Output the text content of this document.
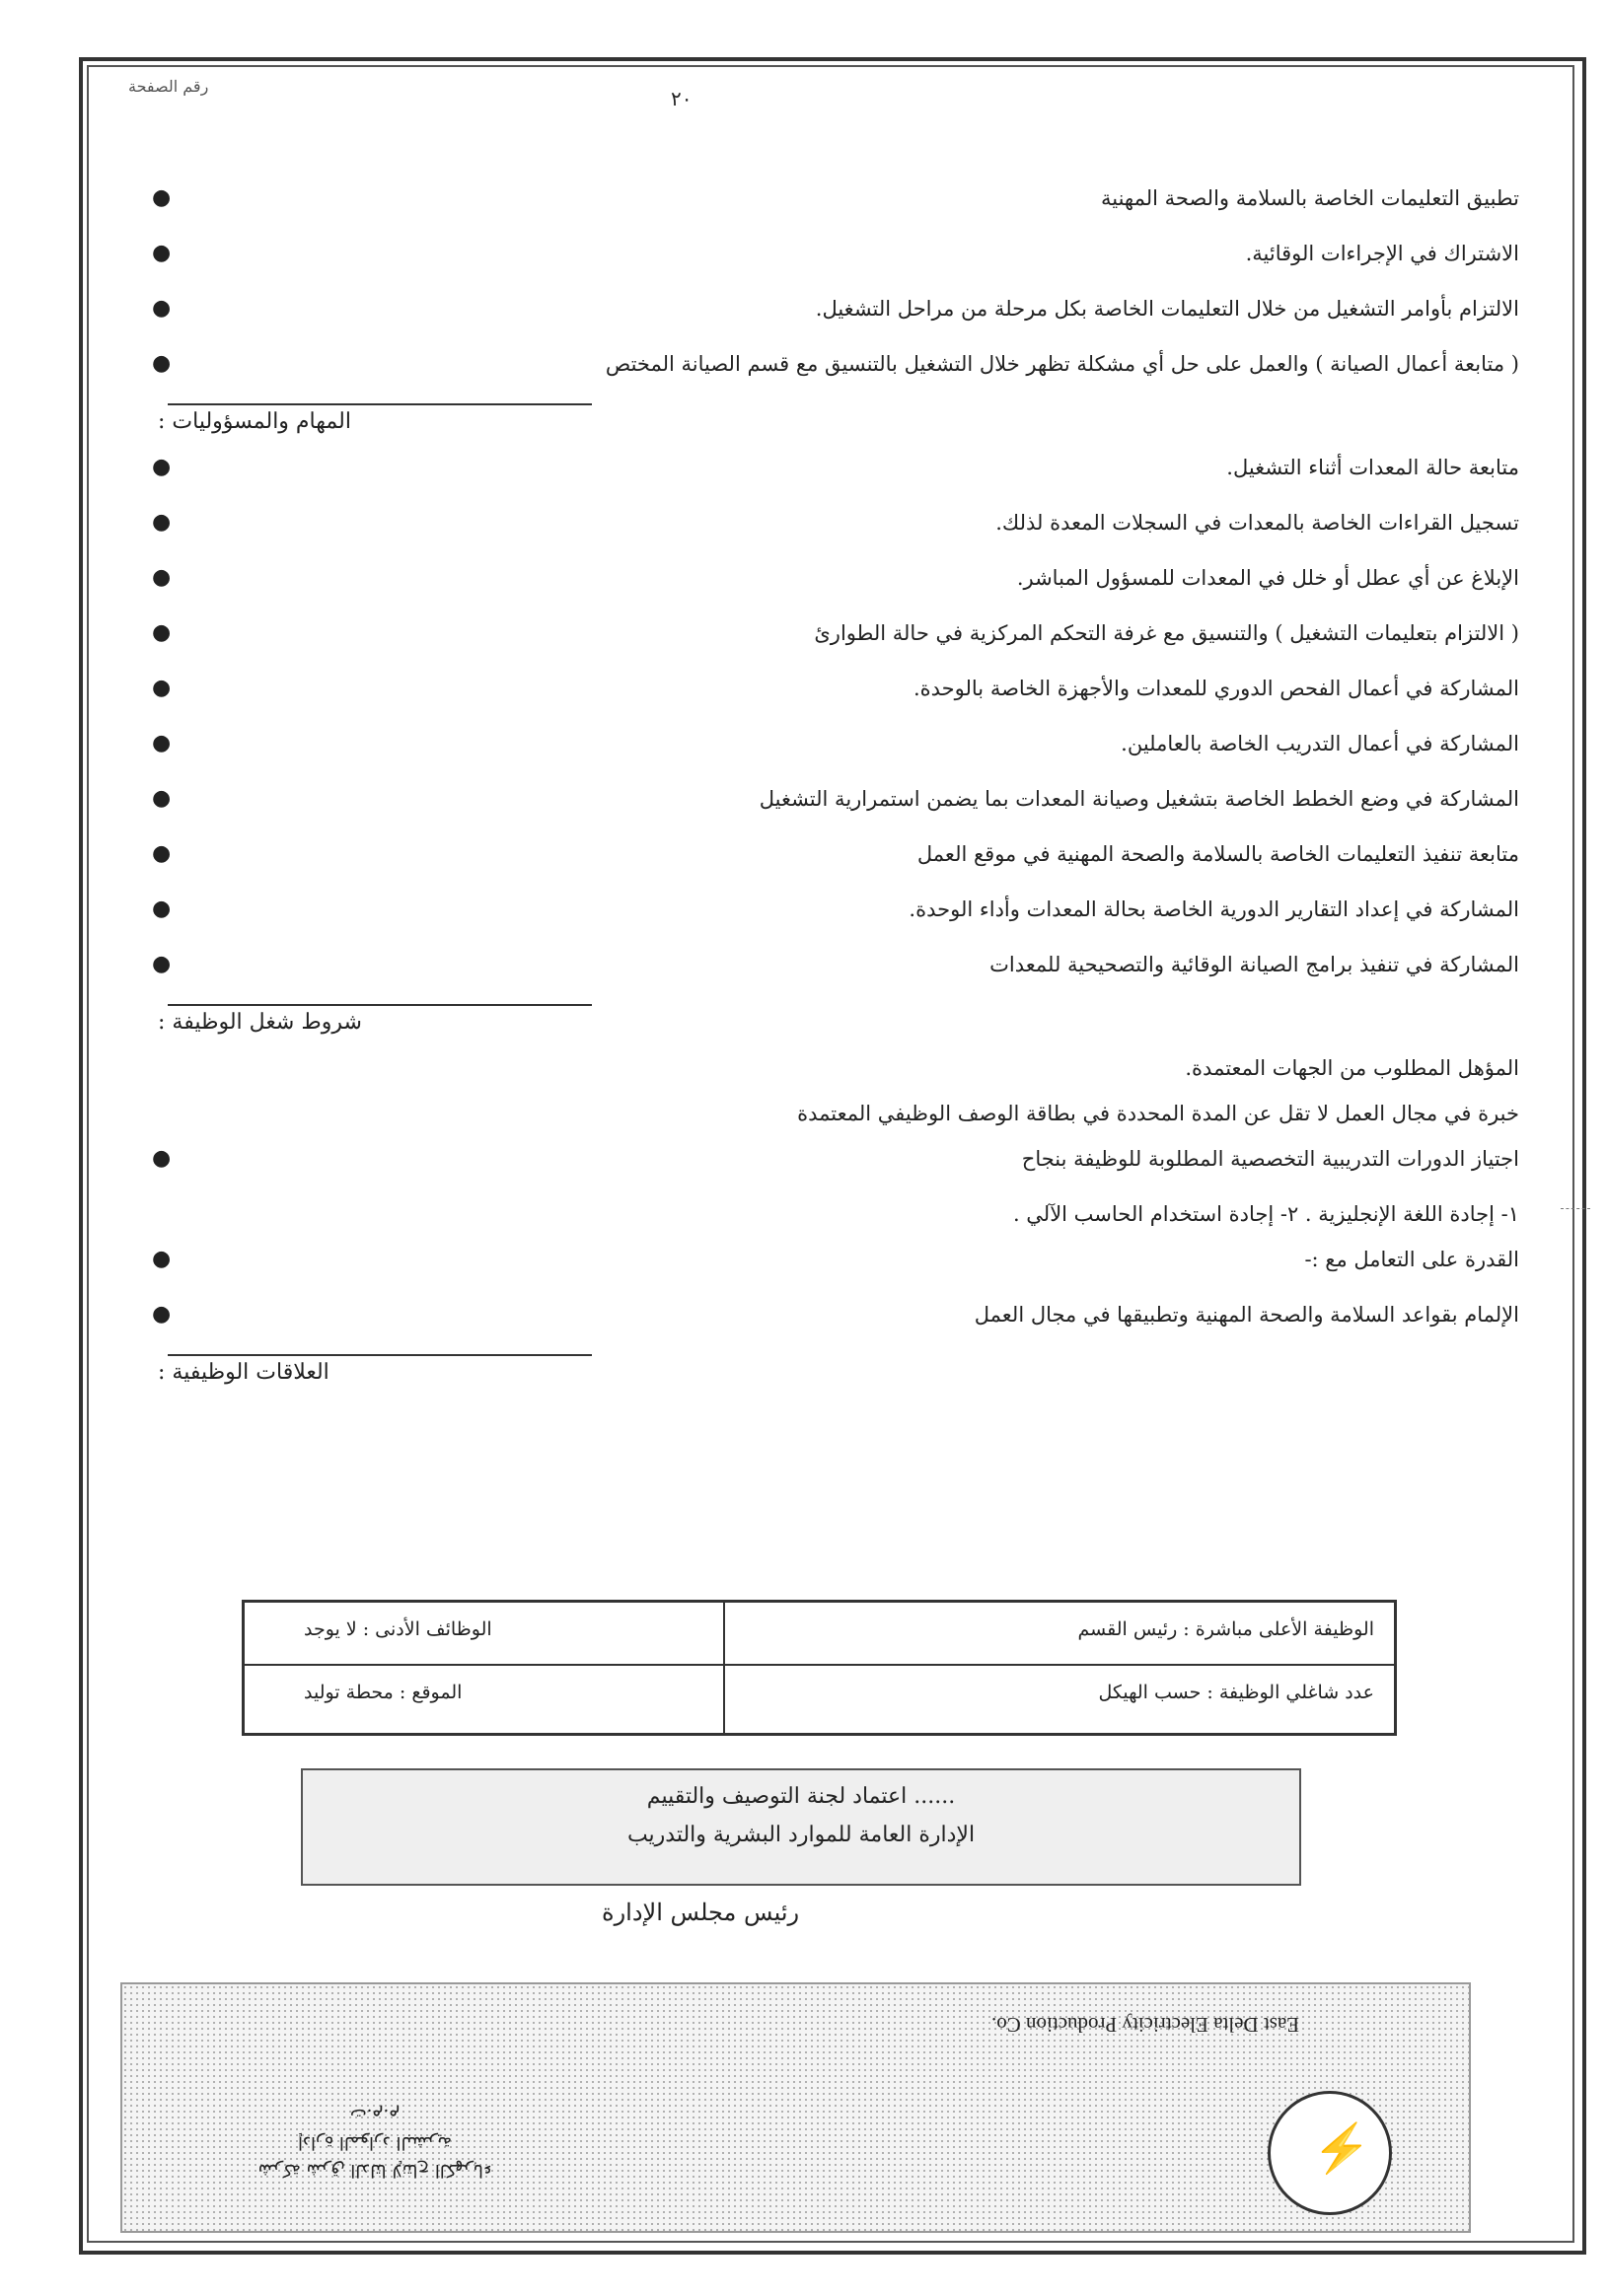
رقم الصفحة
٢٠
●	تطبيق التعليمات الخاصة بالسلامة والصحة المهنية
●	الاشتراك في الإجراءات الوقائية.
●	الالتزام بأوامر التشغيل من خلال التعليمات الخاصة بكل مرحلة من مراحل التشغيل.
●	( متابعة أعمال الصيانة ) والعمل على حل أي مشكلة تظهر خلال التشغيل بالتنسيق مع قسم الصيانة المختص
المهام والمسؤوليات :
●	متابعة حالة المعدات أثناء التشغيل.
●	تسجيل القراءات الخاصة بالمعدات في السجلات المعدة لذلك.
●	الإبلاغ عن أي عطل أو خلل في المعدات للمسؤول المباشر.
●	( الالتزام بتعليمات التشغيل ) والتنسيق مع غرفة التحكم المركزية في حالة الطوارئ
●	المشاركة في أعمال الفحص الدوري للمعدات والأجهزة الخاصة بالوحدة.
●	المشاركة في أعمال التدريب الخاصة بالعاملين.
●	المشاركة في وضع الخطط الخاصة بتشغيل وصيانة المعدات بما يضمن استمرارية التشغيل
●	متابعة تنفيذ التعليمات الخاصة بالسلامة والصحة المهنية في موقع العمل
●	المشاركة في إعداد التقارير الدورية الخاصة بحالة المعدات وأداء الوحدة.
●	المشاركة في تنفيذ برامج الصيانة الوقائية والتصحيحية للمعدات
شروط شغل الوظيفة :
المؤهل المطلوب من الجهات المعتمدة.
خبرة في مجال العمل لا تقل عن المدة المحددة في بطاقة الوصف الوظيفي المعتمدة
●	اجتياز الدورات التدريبية التخصصية المطلوبة للوظيفة بنجاح
١- إجادة اللغة الإنجليزية . ٢- إجادة استخدام الحاسب الآلي .
●	القدرة على التعامل مع :-
●	الإلمام بقواعد السلامة والصحة المهنية وتطبيقها في مجال العمل
العلاقات الوظيفية :
الوظيفة الأعلى مباشرة : رئيس القسم
الوظائف الأدنى : لا يوجد
عدد شاغلي الوظيفة : حسب الهيكل
الموقع : محطة توليد
...... اعتماد لجنة التوصيف والتقييم
الإدارة العامة للموارد البشرية والتدريب
رئيس مجلس الإدارة
East Delta Electricity Production Co.
⚡
شركة شرق الدلتا لإنتاج الكهرباء
إدارة الموارد البشرية
ت.م.م
